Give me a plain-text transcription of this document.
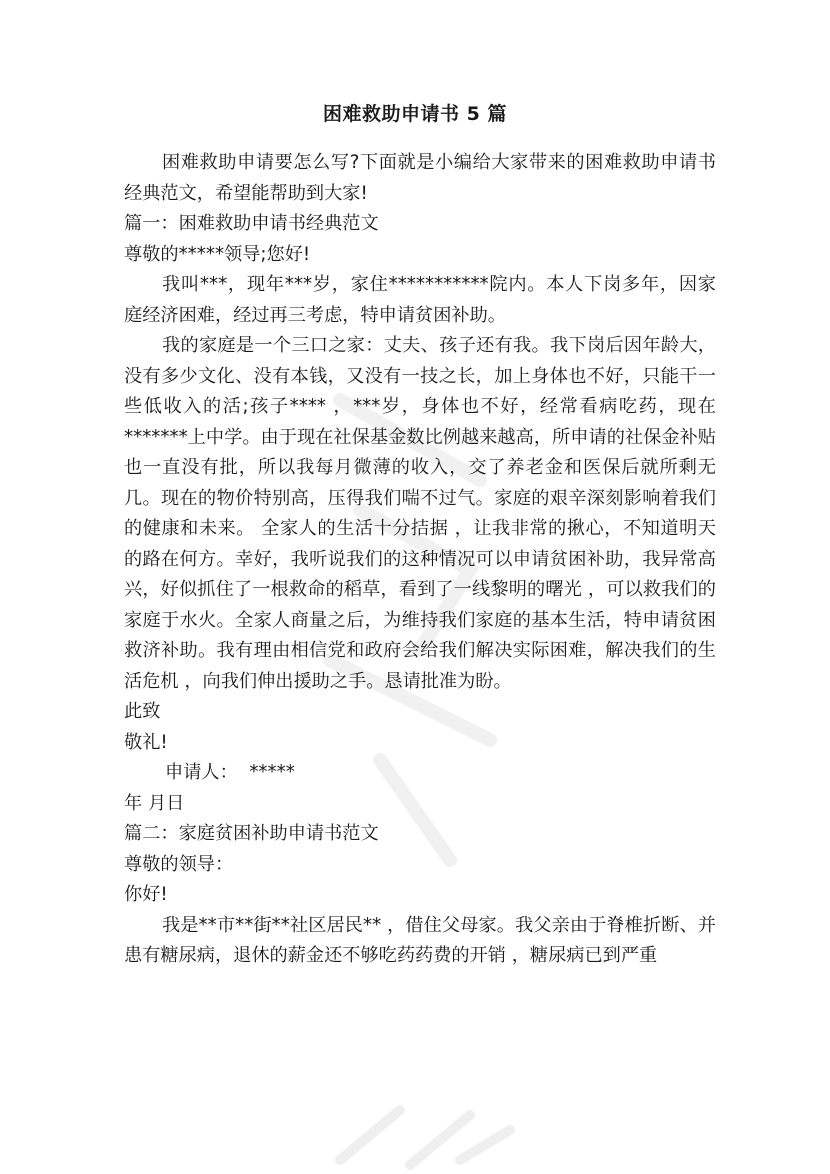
困难救助申请书 5 篇

困难救助申请要怎么写?下面就是小编给大家带来的困难救助申请书经典范文，希望能帮助到大家!

篇一：困难救助申请书经典范文

尊敬的*****领导;您好!

我叫***，现年***岁，家住***********院内。本人下岗多年，因家庭经济困难，经过再三考虑，特申请贫困补助。

我的家庭是一个三口之家：丈夫、孩子还有我。我下岗后因年龄大，没有多少文化、没有本钱，又没有一技之长，加上身体也不好，只能干一些低收入的活;孩子**** ，***岁，身体也不好，经常看病吃药，现在*******上中学。由于现在社保基金数比例越来越高，所申请的社保金补贴也一直没有批，所以我每月微薄的收入，交了养老金和医保后就所剩无几。现在的物价特别高，压得我们喘不过气。家庭的艰辛深刻影响着我们的健康和未来。 全家人的生活十分拮据 ，让我非常的揪心，不知道明天的路在何方。幸好，我听说我们的这种情况可以申请贫困补助，我异常高兴，好似抓住了一根救命的稻草，看到了一线黎明的曙光 ，可以救我们的家庭于水火。全家人商量之后，为维持我们家庭的基本生活，特申请贫困救济补助。我有理由相信党和政府会给我们解决实际困难，解决我们的生活危机 ，向我们伸出援助之手。恳请批准为盼。

此致

敬礼!

申请人：  *****

年 月日

篇二：家庭贫困补助申请书范文

尊敬的领导：

你好!

我是**市**街**社区居民** ，借住父母家。我父亲由于脊椎折断、并患有糖尿病，退休的薪金还不够吃药药费的开销 ，糖尿病已到严重
